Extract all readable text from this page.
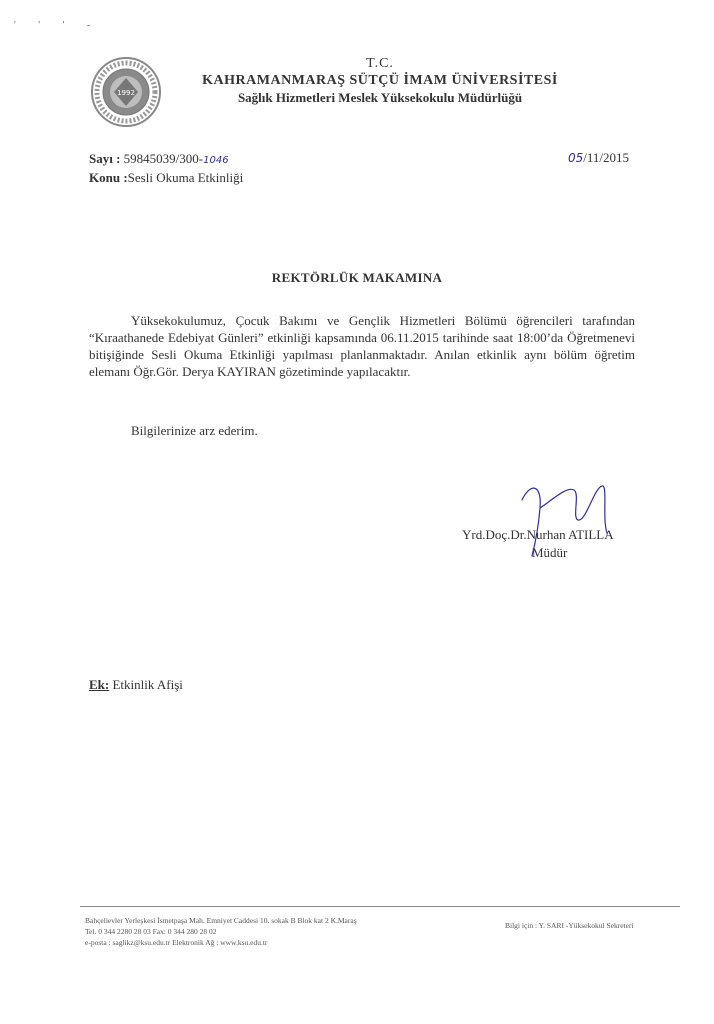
' ' ' -
1992
T.C.
KAHRAMANMARAŞ SÜTÇÜ İMAM ÜNİVERSİTESİ
Sağlık Hizmetleri Meslek Yüksekokulu Müdürlüğü
Sayı : 59845039/300-1046
Konu :Sesli Okuma Etkinliği
05/11/2015
REKTÖRLÜK MAKAMINA

Yüksekokulumuz, Çocuk Bakımı ve Gençlik Hizmetleri Bölümü öğrencileri tarafından “Kıraathanede Edebiyat Günleri” etkinliği kapsamında 06.11.2015 tarihinde saat 18:00’da Öğretmenevi bitişiğinde Sesli Okuma Etkinliği yapılması planlanmaktadır. Anılan etkinlik aynı bölüm öğretim elemanı Öğr.Gör. Derya KAYIRAN gözetiminde yapılacaktır.

Bilgilerinize arz ederim.
Yrd.Doç.Dr.Nurhan ATILLA
Müdür
Ek: Etkinlik Afişi
Bahçelievler Yerleşkesi İsmetpaşa Mah. Emniyet Caddesi 10. sokak B Blok kat 2 K.Maraş
Tel. 0 344 2280 28 03 Fax: 0 344 280 28 02
e-posta : saglikz@ksu.edu.tr Elektronik Ağ : www.ksu.edu.tr
Bilgi için : Y. SARI -Yüksekokul Sekreteri
